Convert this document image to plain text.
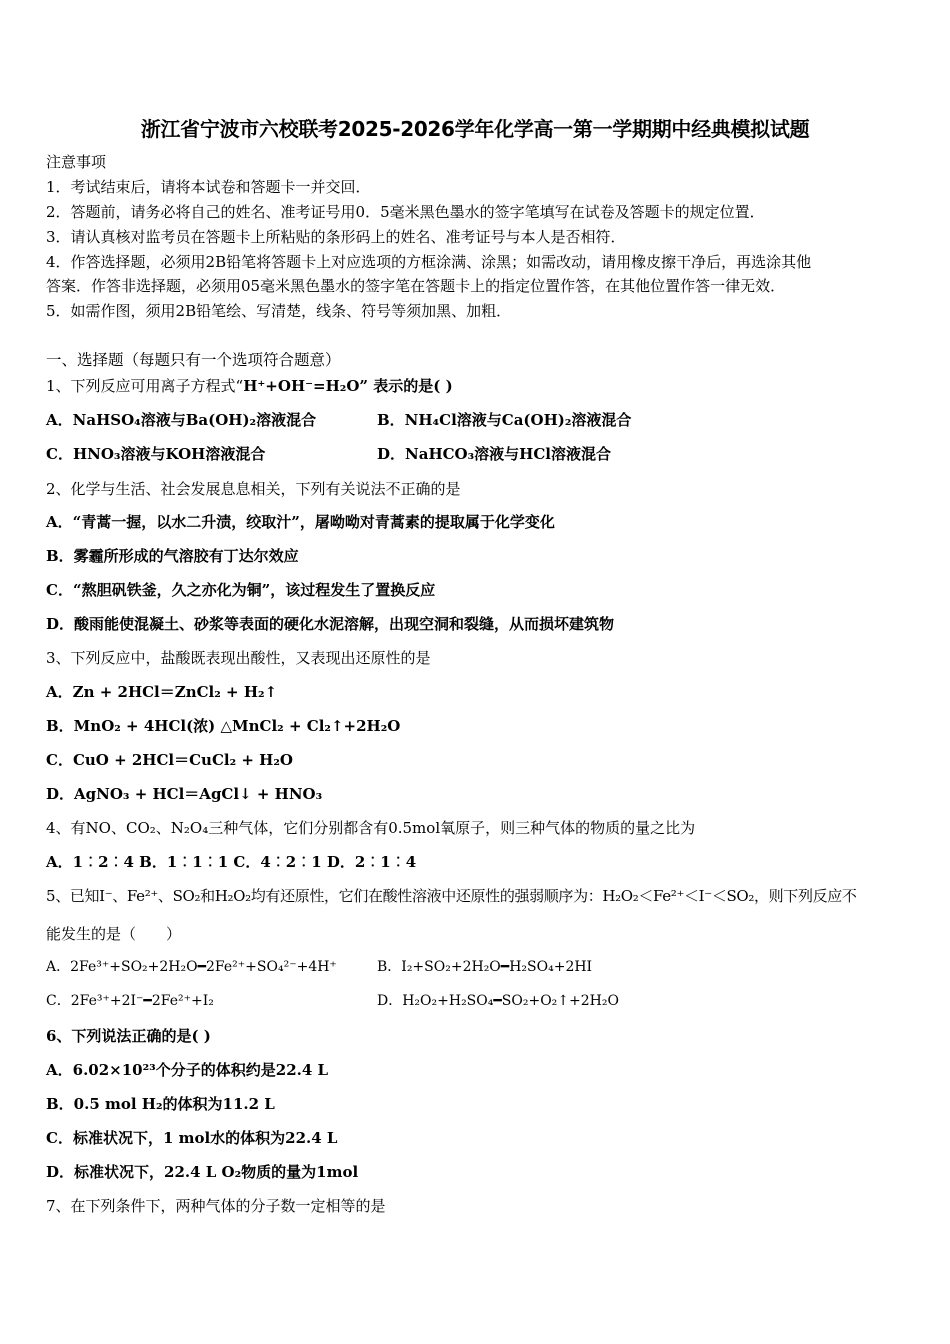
浙江省宁波市六校联考2025-2026学年化学高一第一学期期中经典模拟试题
注意事项
1．考试结束后，请将本试卷和答题卡一并交回．
2．答题前，请务必将自己的姓名、准考证号用0．5毫米黑色墨水的签字笔填写在试卷及答题卡的规定位置．
3．请认真核对监考员在答题卡上所粘贴的条形码上的姓名、准考证号与本人是否相符．
4．作答选择题，必须用2B铅笔将答题卡上对应选项的方框涂满、涂黑；如需改动，请用橡皮擦干净后，再选涂其他
答案．作答非选择题，必须用05毫米黑色墨水的签字笔在答题卡上的指定位置作答，在其他位置作答一律无效．
5．如需作图，须用2B铅笔绘、写清楚，线条、符号等须加黑、加粗．
一、选择题（每题只有一个选项符合题意）
1、下列反应可用离子方程式“H⁺+OH⁻=H₂O” 表示的是( )
A．NaHSO₄溶液与Ba(OH)₂溶液混合	B．NH₄Cl溶液与Ca(OH)₂溶液混合
C．HNO₃溶液与KOH溶液混合	D．NaHCO₃溶液与HCl溶液混合
2、化学与生活、社会发展息息相关，下列有关说法不正确的是
A．“青蒿一握，以水二升渍，绞取汁”，屠呦呦对青蒿素的提取属于化学变化
B．雾霾所形成的气溶胶有丁达尔效应
C．“熬胆矾铁釜，久之亦化为铜”，该过程发生了置换反应
D．酸雨能使混凝土、砂浆等表面的硬化水泥溶解，出现空洞和裂缝，从而损坏建筑物
3、下列反应中，盐酸既表现出酸性，又表现出还原性的是
A．Zn + 2HCl＝ZnCl₂ + H₂↑
B．MnO₂ + 4HCl(浓) △MnCl₂ + Cl₂↑+2H₂O
C．CuO + 2HCl＝CuCl₂ + H₂O
D．AgNO₃ + HCl＝AgCl↓ + HNO₃
4、有NO、CO₂、N₂O₄三种气体，它们分别都含有0.5mol氧原子，则三种气体的物质的量之比为
A．1︰2︰4 B．1︰1︰1 C．4︰2︰1 D．2︰1︰4
5、已知I⁻、Fe²⁺、SO₂和H₂O₂均有还原性，它们在酸性溶液中还原性的强弱顺序为：H₂O₂＜Fe²⁺＜I⁻＜SO₂，则下列反应不
能发生的是（　　）
A．2Fe³⁺+SO₂+2H₂O━2Fe²⁺+SO₄²⁻+4H⁺	B．I₂+SO₂+2H₂O━H₂SO₄+2HI
C．2Fe³⁺+2I⁻━2Fe²⁺+I₂	D．H₂O₂+H₂SO₄━SO₂+O₂↑+2H₂O
6、下列说法正确的是( )
A．6.02×10²³个分子的体积约是22.4 L
B．0.5 mol H₂的体积为11.2 L
C．标准状况下，1 mol水的体积为22.4 L
D．标准状况下，22.4 L O₂物质的量为1mol
7、在下列条件下，两种气体的分子数一定相等的是
